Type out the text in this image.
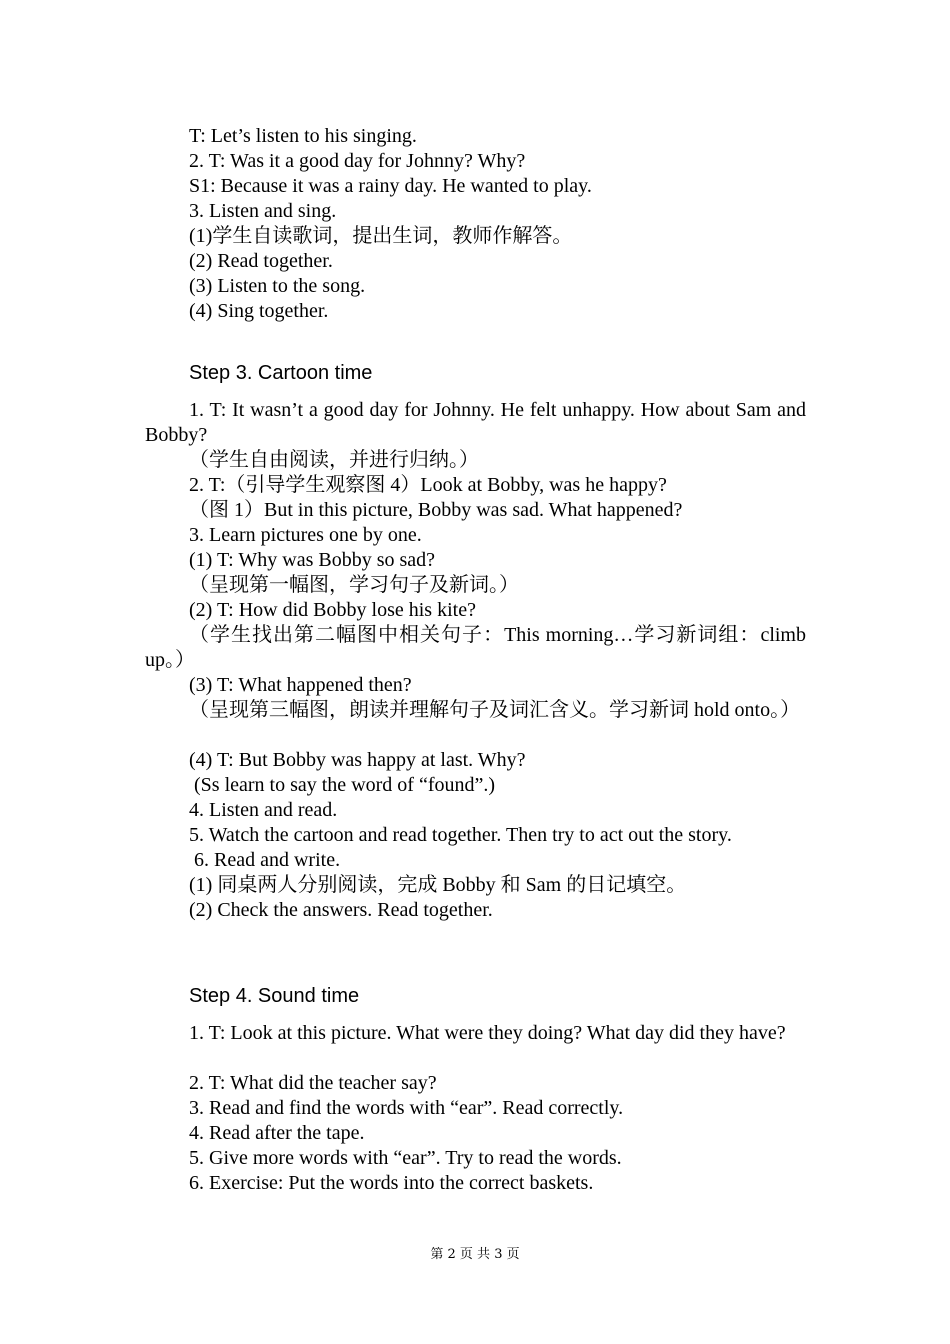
T: Let’s listen to his singing.
2. T: Was it a good day for Johnny? Why?
S1: Because it was a rainy day. He wanted to play.
3. Listen and sing.
(1)学生自读歌词，提出生词，教师作解答。
(2) Read together.
(3) Listen to the song.
(4) Sing together.
Step 3. Cartoon time
1. T: It wasn’t a good day for Johnny. He felt unhappy. How about Sam and Bobby?
（学生自由阅读，并进行归纳。）
2. T:（引导学生观察图 4）Look at Bobby, was he happy?
（图 1）But in this picture, Bobby was sad. What happened?
3. Learn pictures one by one.
(1) T: Why was Bobby so sad?
（呈现第一幅图，学习句子及新词。）
(2) T: How did Bobby lose his kite?
（学生找出第二幅图中相关句子：This morning…学习新词组：climb up。）
(3) T: What happened then?
（呈现第三幅图，朗读并理解句子及词汇含义。学习新词 hold onto。）
(4) T: But Bobby was happy at last. Why?
(Ss learn to say the word of “found”.)
4. Listen and read.
5. Watch the cartoon and read together. Then try to act out the story.
6. Read and write.
(1) 同桌两人分别阅读，完成 Bobby 和 Sam 的日记填空。
(2) Check the answers. Read together.
Step 4. Sound time
1. T: Look at this picture. What were they doing? What day did they have?
2. T: What did the teacher say?
3. Read and find the words with “ear”. Read correctly.
4. Read after the tape.
5. Give more words with “ear”. Try to read the words.
6. Exercise: Put the words into the correct baskets.
第 2 页 共 3 页
